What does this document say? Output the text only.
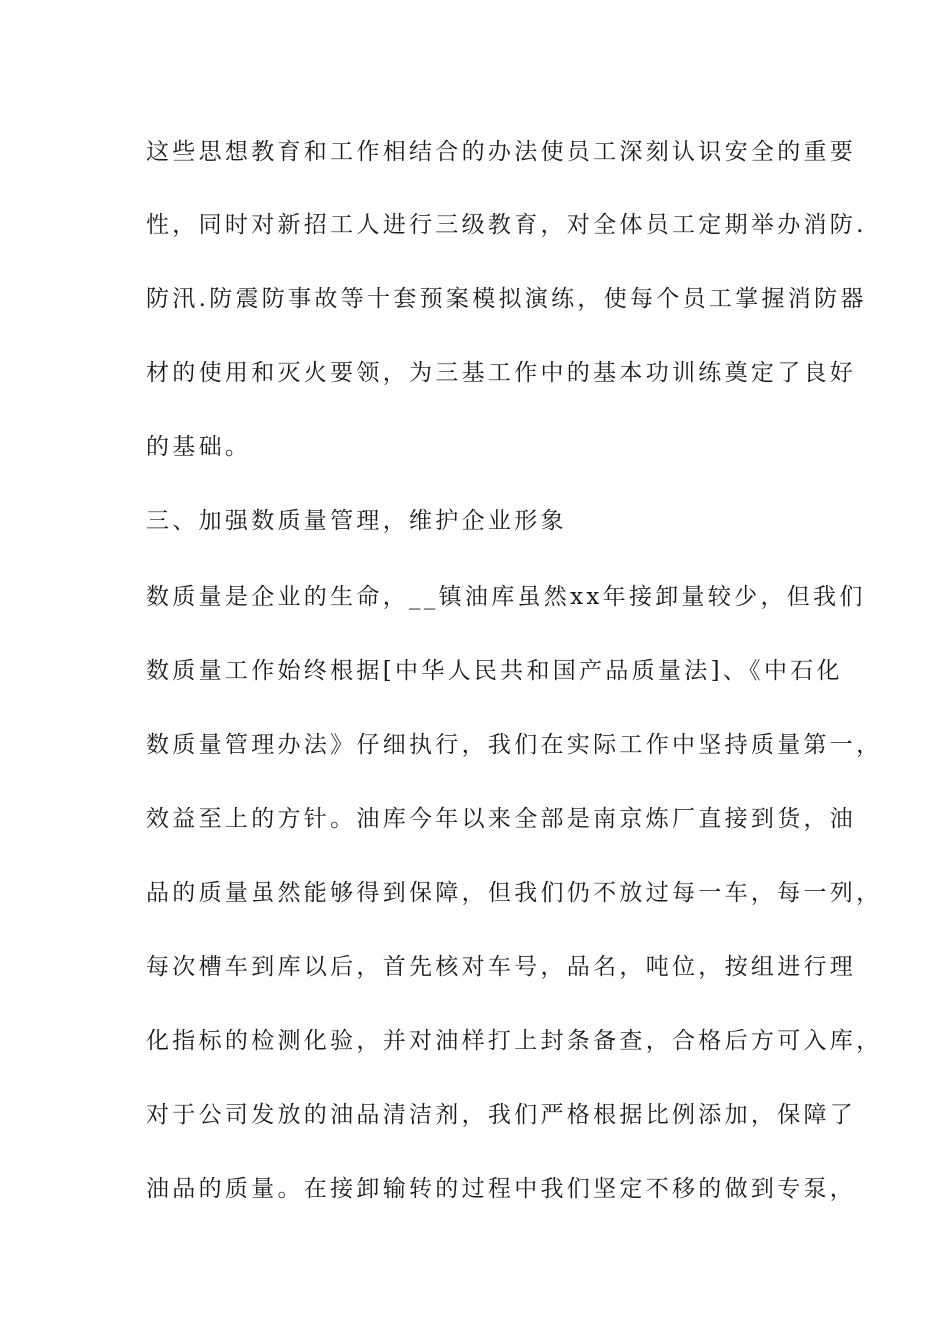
这些思想教育和工作相结合的办法使员工深刻认识安全的重要
性，同时对新招工人进行三级教育，对全体员工定期举办消防.
防汛.防震防事故等十套预案模拟演练，使每个员工掌握消防器
材的使用和灭火要领，为三基工作中的基本功训练奠定了良好
的基础。
三、加强数质量管理，维护企业形象
数质量是企业的生命，__镇油库虽然xx年接卸量较少，但我们
数质量工作始终根据[中华人民共和国产品质量法]、《中石化
数质量管理办法》仔细执行，我们在实际工作中坚持质量第一，
效益至上的方针。油库今年以来全部是南京炼厂直接到货，油
品的质量虽然能够得到保障，但我们仍不放过每一车，每一列，
每次槽车到库以后，首先核对车号，品名，吨位，按组进行理
化指标的检测化验，并对油样打上封条备查，合格后方可入库，
对于公司发放的油品清洁剂，我们严格根据比例添加，保障了
油品的质量。在接卸输转的过程中我们坚定不移的做到专泵，
